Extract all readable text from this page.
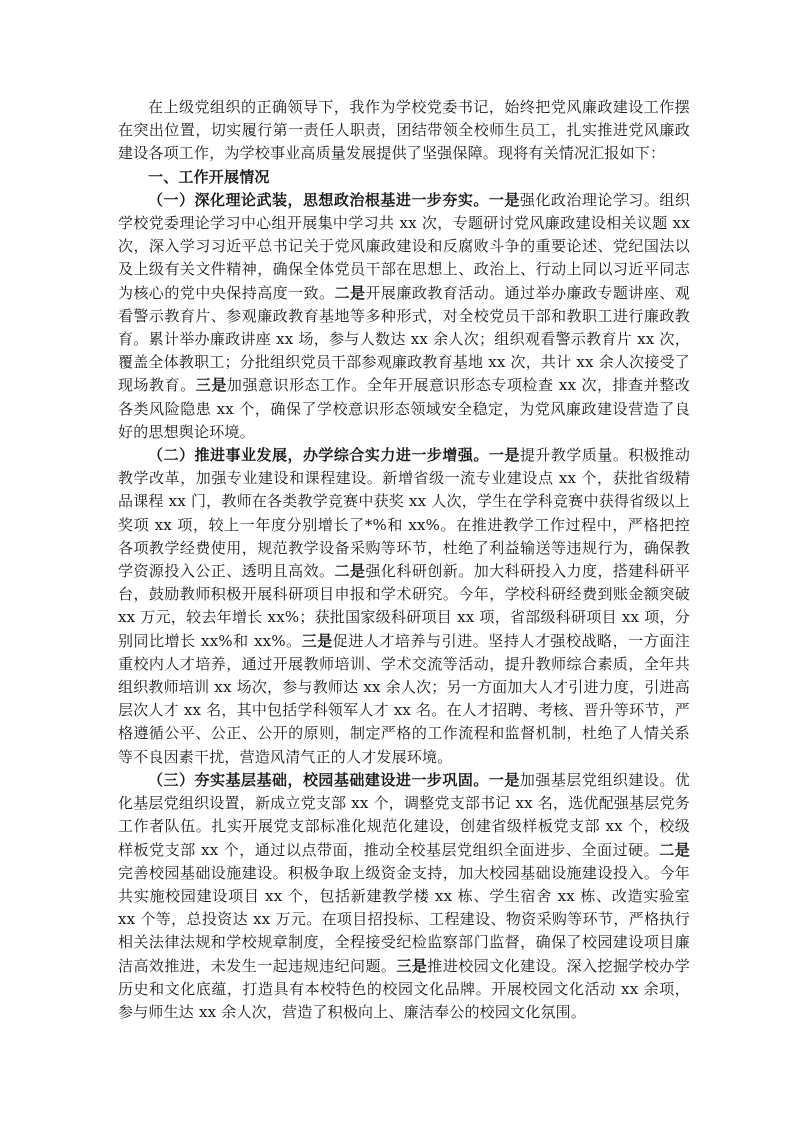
在上级党组织的正确领导下，我作为学校党委书记，始终把党风廉政建设工作摆在突出位置，切实履行第一责任人职责，团结带领全校师生员工，扎实推进党风廉政建设各项工作，为学校事业高质量发展提供了坚强保障。现将有关情况汇报如下：

一、工作开展情况

（一）深化理论武装，思想政治根基进一步夯实。一是强化政治理论学习。组织学校党委理论学习中心组开展集中学习共 xx 次，专题研讨党风廉政建设相关议题 xx 次，深入学习习近平总书记关于党风廉政建设和反腐败斗争的重要论述、党纪国法以及上级有关文件精神，确保全体党员干部在思想上、政治上、行动上同以习近平同志为核心的党中央保持高度一致。二是开展廉政教育活动。通过举办廉政专题讲座、观看警示教育片、参观廉政教育基地等多种形式，对全校党员干部和教职工进行廉政教育。累计举办廉政讲座 xx 场，参与人数达 xx 余人次；组织观看警示教育片 xx 次，覆盖全体教职工；分批组织党员干部参观廉政教育基地 xx 次，共计 xx 余人次接受了现场教育。三是加强意识形态工作。全年开展意识形态专项检查 xx 次，排查并整改各类风险隐患 xx 个，确保了学校意识形态领域安全稳定，为党风廉政建设营造了良好的思想舆论环境。

（二）推进事业发展，办学综合实力进一步增强。一是提升教学质量。积极推动教学改革，加强专业建设和课程建设。新增省级一流专业建设点 xx 个，获批省级精品课程 xx 门，教师在各类教学竞赛中获奖 xx 人次，学生在学科竞赛中获得省级以上奖项 xx 项，较上一年度分别增长了*%和 xx%。在推进教学工作过程中，严格把控各项教学经费使用，规范教学设备采购等环节，杜绝了利益输送等违规行为，确保教学资源投入公正、透明且高效。二是强化科研创新。加大科研投入力度，搭建科研平台，鼓励教师积极开展科研项目申报和学术研究。今年，学校科研经费到账金额突破 xx 万元，较去年增长 xx%；获批国家级科研项目 xx 项，省部级科研项目 xx 项，分别同比增长 xx%和 xx%。三是促进人才培养与引进。坚持人才强校战略，一方面注重校内人才培养，通过开展教师培训、学术交流等活动，提升教师综合素质，全年共组织教师培训 xx 场次，参与教师达 xx 余人次；另一方面加大人才引进力度，引进高层次人才 xx 名，其中包括学科领军人才 xx 名。在人才招聘、考核、晋升等环节，严格遵循公平、公正、公开的原则，制定严格的工作流程和监督机制，杜绝了人情关系等不良因素干扰，营造风清气正的人才发展环境。

（三）夯实基层基础，校园基础建设进一步巩固。一是加强基层党组织建设。优化基层党组织设置，新成立党支部 xx 个，调整党支部书记 xx 名，选优配强基层党务工作者队伍。扎实开展党支部标准化规范化建设，创建省级样板党支部 xx 个，校级样板党支部 xx 个，通过以点带面，推动全校基层党组织全面进步、全面过硬。二是完善校园基础设施建设。积极争取上级资金支持，加大校园基础设施建设投入。今年共实施校园建设项目 xx 个，包括新建教学楼 xx 栋、学生宿舍 xx 栋、改造实验室 xx 个等，总投资达 xx 万元。在项目招投标、工程建设、物资采购等环节，严格执行相关法律法规和学校规章制度，全程接受纪检监察部门监督，确保了校园建设项目廉洁高效推进，未发生一起违规违纪问题。三是推进校园文化建设。深入挖掘学校办学历史和文化底蕴，打造具有本校特色的校园文化品牌。开展校园文化活动 xx 余项，参与师生达 xx 余人次，营造了积极向上、廉洁奉公的校园文化氛围。
